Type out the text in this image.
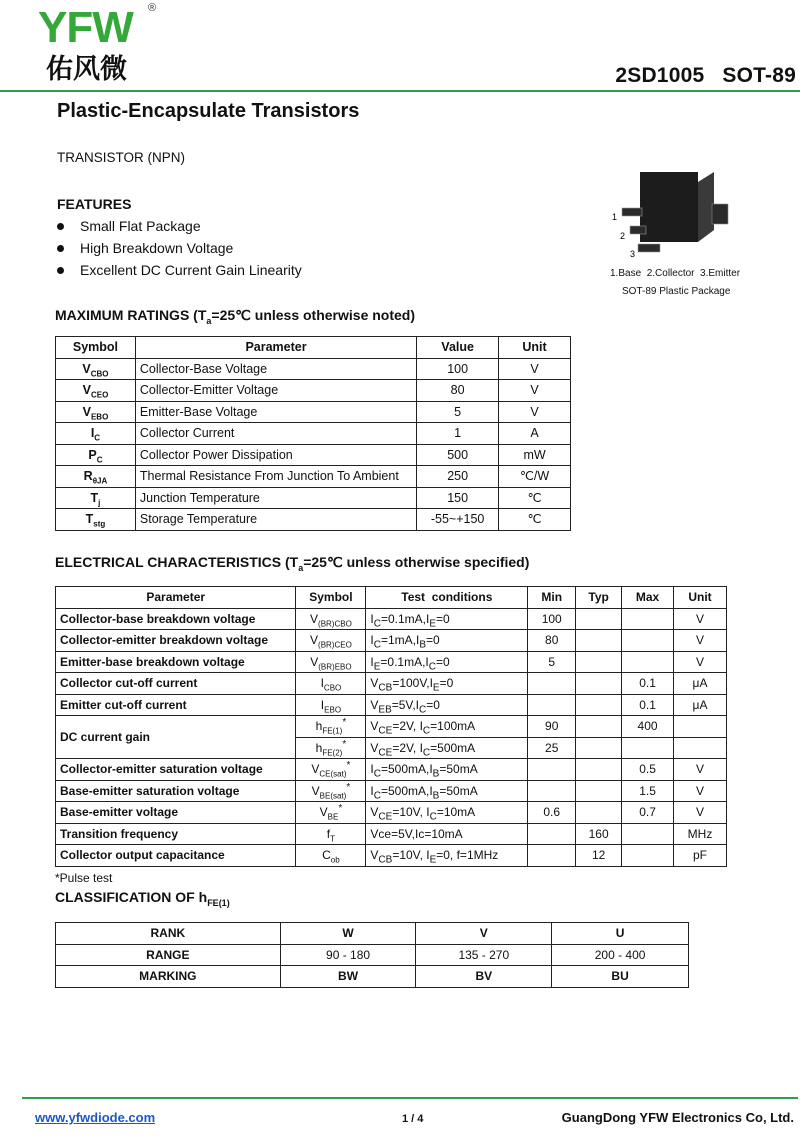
YFW ®
佑风微	2SD1005   SOT-89
Plastic-Encapsulate Transistors
TRANSISTOR (NPN)
FEATURES
Small Flat Package
High Breakdown Voltage
Excellent DC Current Gain Linearity
1
2
3
1.Base  2.Collector  3.Emitter
SOT-89 Plastic Package
MAXIMUM RATINGS ($T_a=25℃$ unless otherwise noted)
Symbol	Parameter	Value	Unit
$V_{CBO}$	Collector-Base Voltage	100	V
$V_{CEO}$	Collector-Emitter Voltage	80	V
$V_{EBO}$	Emitter-Base Voltage	5	V
$I_C$	Collector Current	1	A
$P_C$	Collector Power Dissipation	500	mW
$R_{\theta JA}$	Thermal Resistance From Junction To Ambient	250	℃/W
$T_j$	Junction Temperature	150	℃
$T_{stg}$	Storage Temperature	-55~+150	℃
ELECTRICAL CHARACTERISTICS ($T_a=25℃$ unless otherwise specified)
Parameter	Symbol	Test  conditions	Min	Typ	Max	Unit
Collector-base breakdown voltage	$V_{(BR)CBO}$	$I_C=0.1mA,I_E=0$	100			V
Collector-emitter breakdown voltage	$V_{(BR)CEO}$	$I_C=1mA,I_B=0$	80			V
Emitter-base breakdown voltage	$V_{(BR)EBO}$	$I_E=0.1mA,I_C=0$	5			V
Collector cut-off current	$I_{CBO}$	$V_{CB}=100V,I_E=0$			0.1	μA
Emitter cut-off current	$I_{EBO}$	$V_{EB}=5V,I_C=0$			0.1	μA
DC current gain	$h_{FE(1)}^*$	$V_{CE}=2V$, $I_C=100mA$	90		400	
	$h_{FE(2)}^*$	$V_{CE}=2V$, $I_C=500mA$	25			
Collector-emitter saturation voltage	$V_{CE(sat)}^*$	$I_C=500mA,I_B=50mA$			0.5	V
Base-emitter saturation voltage	$V_{BE(sat)}^*$	$I_C=500mA,I_B=50mA$			1.5	V
Base-emitter voltage	$V_{BE}^*$	$V_{CE}=10V$, $I_C=10mA$	0.6		0.7	V
Transition frequency	$f_T$	Vce=5V,Ic=10mA		160		MHz
Collector output capacitance	$C_{ob}$	$V_{CB}=10V$, $I_E=0$, f=1MHz		12		pF
*Pulse test
CLASSIFICATION OF $h_{FE(1)}$
RANK	W	V	U
RANGE	90 - 180	135 - 270	200 - 400
MARKING	BW	BV	BU
www.yfwdiode.com	1 / 4	GuangDong YFW Electronics Co, Ltd.
